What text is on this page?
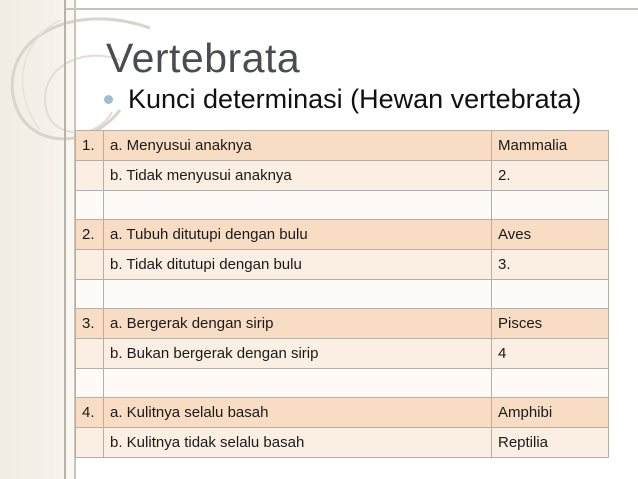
Vertebrata
Kunci determinasi (Hewan vertebrata)
1.	a. Menyusui anaknya	Mammalia
	b. Tidak menyusui anaknya	2.

2.	a. Tubuh ditutupi dengan bulu	Aves
	b. Tidak ditutupi dengan bulu	3.

3.	a. Bergerak dengan sirip	Pisces
	b. Bukan bergerak dengan sirip	4

4.	a. Kulitnya selalu basah	Amphibi
	b. Kulitnya tidak selalu basah	Reptilia
